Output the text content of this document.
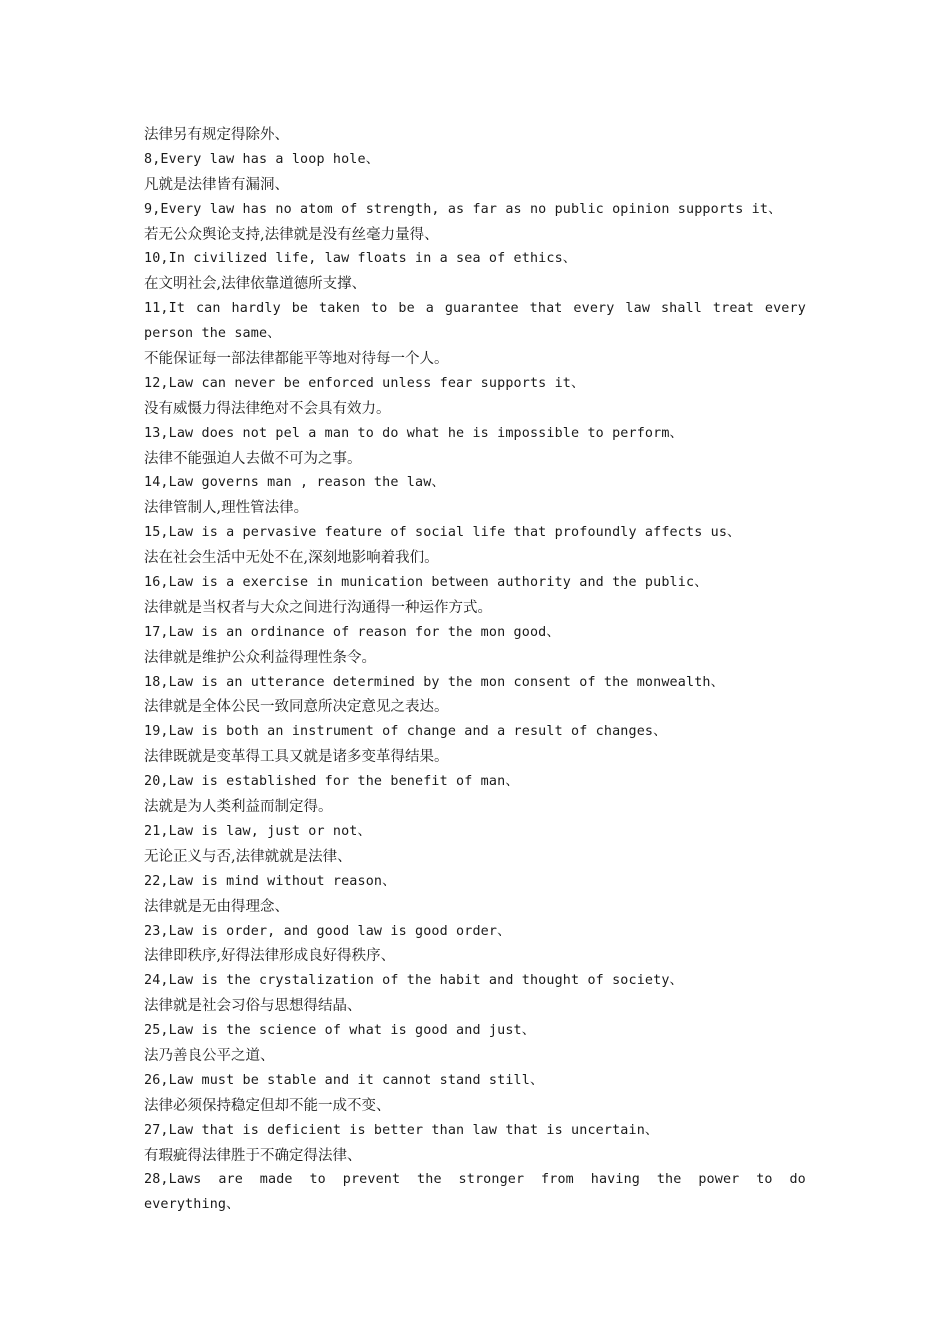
法律另有规定得除外、
8,Every law has a loop hole、
凡就是法律皆有漏洞、
9,Every law has no atom of strength, as far as no public opinion supports it、
若无公众舆论支持,法律就是没有丝毫力量得、
10,In civilized life, law floats in a sea of ethics、
在文明社会,法律依靠道德所支撑、
11,It can hardly be taken to be a guarantee that every law shall treat every
person the same、
不能保证每一部法律都能平等地对待每一个人。
12,Law can never be enforced unless fear supports it、
没有威慑力得法律绝对不会具有效力。
13,Law does not pel a man to do what he is impossible to perform、
法律不能强迫人去做不可为之事。
14,Law governs man , reason the law、
法律管制人,理性管法律。
15,Law is a pervasive feature of social life that profoundly affects us、
法在社会生活中无处不在,深刻地影响着我们。
16,Law is a exercise in munication between authority and the public、
法律就是当权者与大众之间进行沟通得一种运作方式。
17,Law is an ordinance of reason for the mon good、
法律就是维护公众利益得理性条令。
18,Law is an utterance determined by the mon consent of the monwealth、
法律就是全体公民一致同意所决定意见之表达。
19,Law is both an instrument of change and a result of changes、
法律既就是变革得工具又就是诸多变革得结果。
20,Law is established for the benefit of man、
法就是为人类利益而制定得。
21,Law is law, just or not、
无论正义与否,法律就就是法律、
22,Law is mind without reason、
法律就是无由得理念、
23,Law is order, and good law is good order、
法律即秩序,好得法律形成良好得秩序、
24,Law is the crystalization of the habit and thought of society、
法律就是社会习俗与思想得结晶、
25,Law is the science of what is good and just、
法乃善良公平之道、
26,Law must be stable and it cannot stand still、
法律必须保持稳定但却不能一成不变、
27,Law that is deficient is better than law that is uncertain、
有瑕疵得法律胜于不确定得法律、
28,Laws are made to prevent the stronger from having the power to do
everything、
